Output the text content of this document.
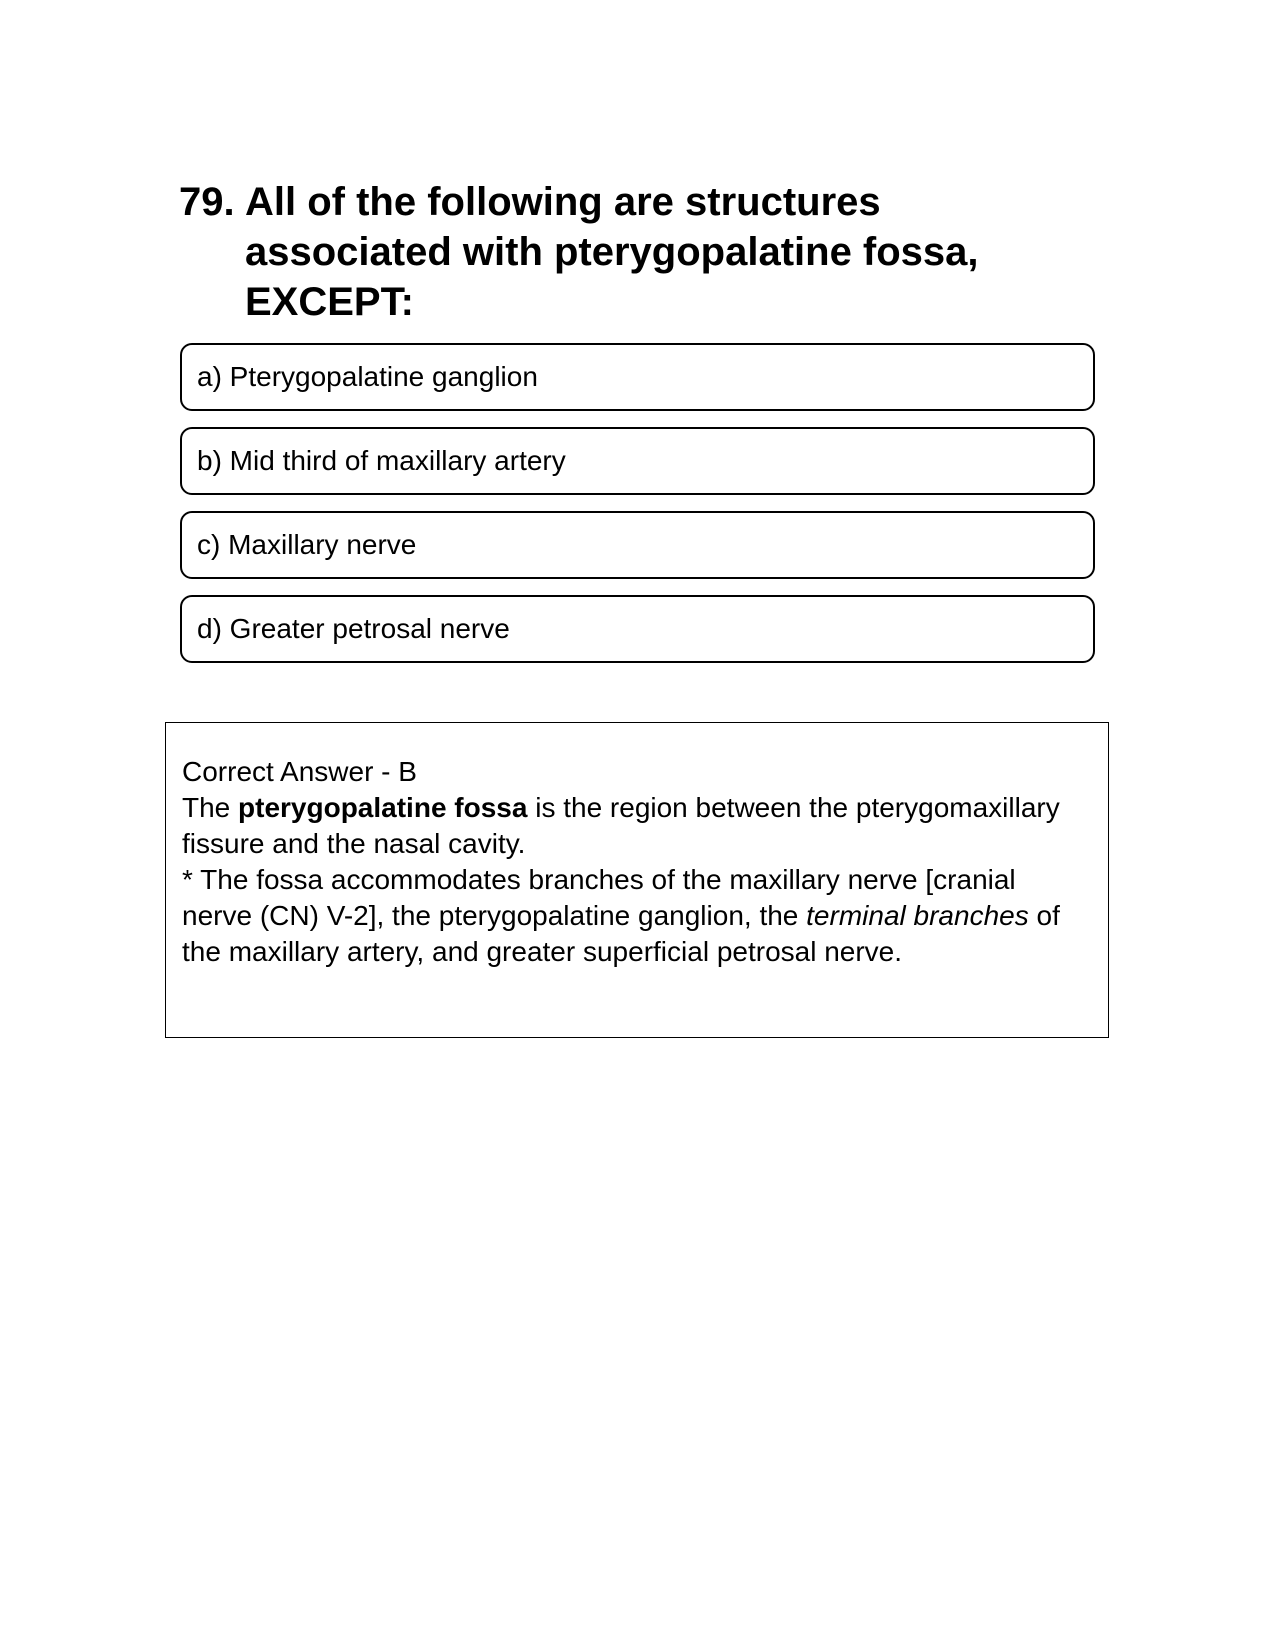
79. All of the following are structures associated with pterygopalatine fossa, EXCEPT:
a) Pterygopalatine ganglion
b) Mid third of maxillary artery
c) Maxillary nerve
d) Greater petrosal nerve

Correct Answer - B

The pterygopalatine fossa is the region between the pterygomaxillary fissure and the nasal cavity.

* The fossa accommodates branches of the maxillary nerve [cranial nerve (CN) V-2], the pterygopalatine ganglion, the terminal branches of the maxillary artery, and greater superficial petrosal nerve.
